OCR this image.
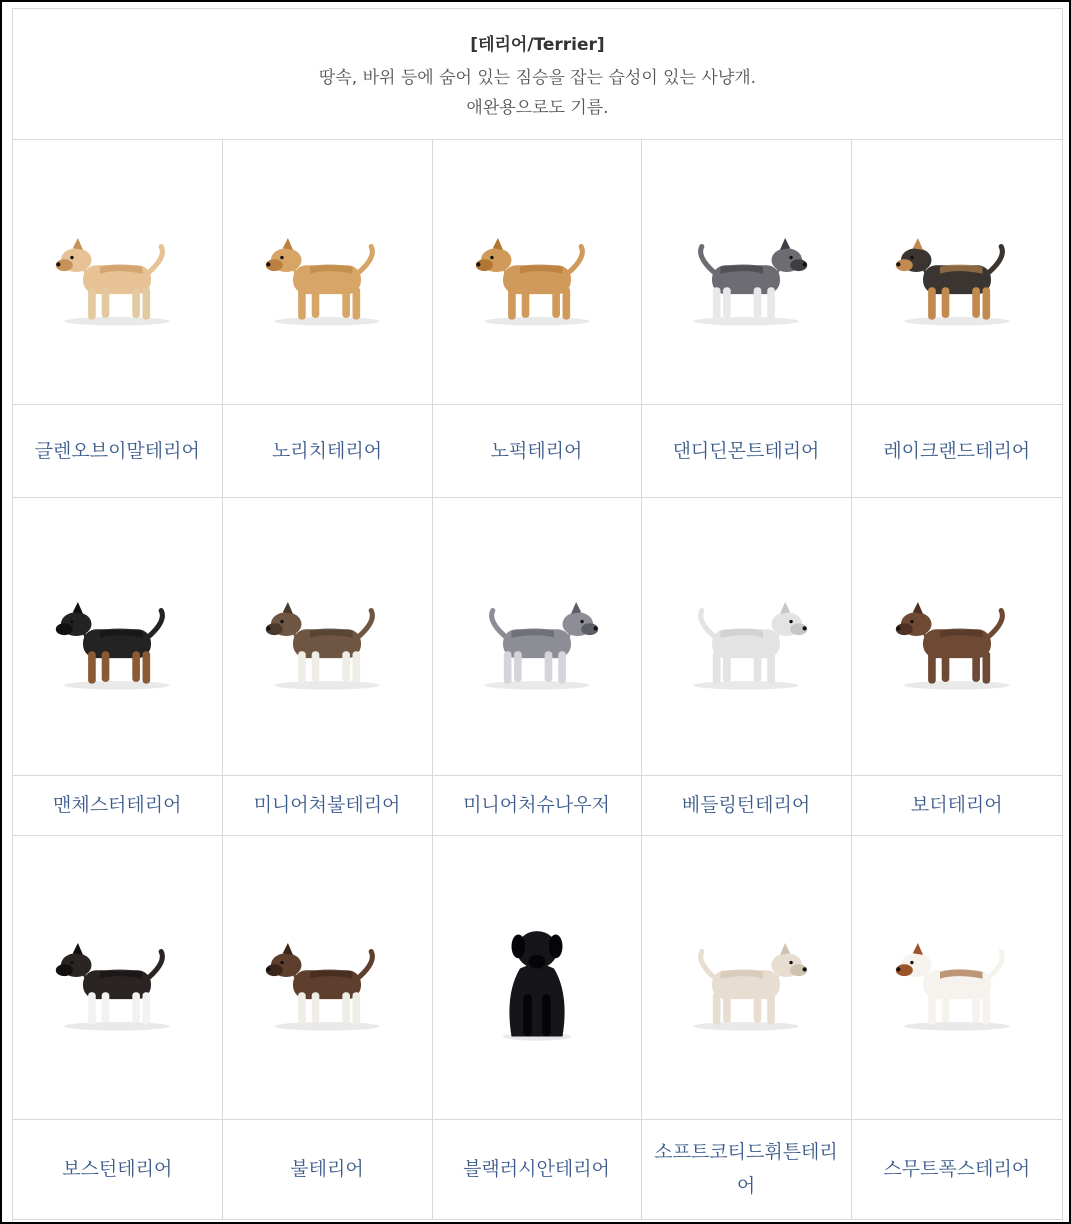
[테리어/Terrier]
땅속, 바위 등에 숨어 있는 짐승을 잡는 습성이 있는 사냥개.
애완용으로도 기름.

글렌오브이말테리어	노리치테리어	노퍽테리어	댄디딘몬트테리어	레이크랜드테리어

맨체스터테리어	미니어쳐불테리어	미니어처슈나우저	베들링턴테리어	보더테리어

보스턴테리어	불테리어	블랙러시안테리어	소프트코티드휘튼테리어	스무트폭스테리어
